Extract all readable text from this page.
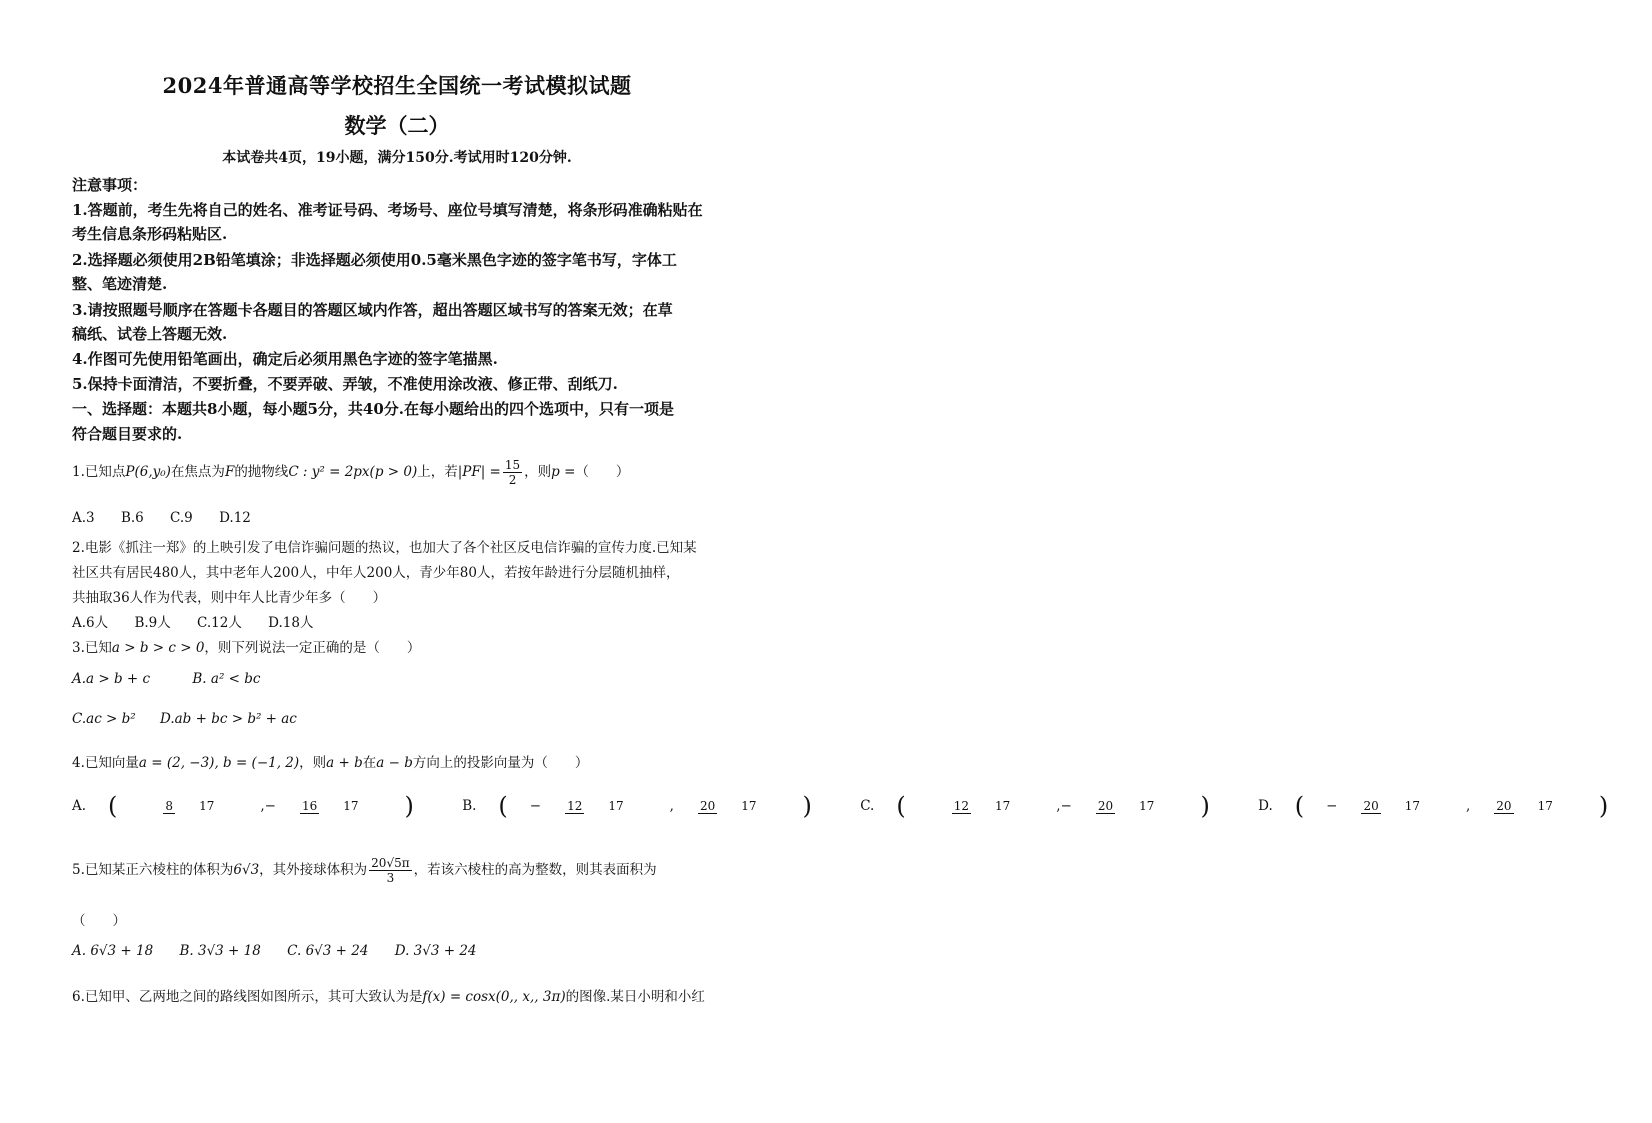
2024年普通高等学校招生全国统一考试模拟试题
数学（二）
本试卷共4页，19小题，满分150分.考试用时120分钟.
注意事项：
1.答题前，考生先将自己的姓名、准考证号码、考场号、座位号填写清楚，将条形码准确粘贴在
考生信息条形码粘贴区.
2.选择题必须使用2B铅笔填涂；非选择题必须使用0.5毫米黑色字迹的签字笔书写，字体工
整、笔迹清楚.
3.请按照题号顺序在答题卡各题目的答题区域内作答，超出答题区域书写的答案无效；在草
稿纸、试卷上答题无效.
4.作图可先使用铅笔画出，确定后必须用黑色字迹的签字笔描黑.
5.保持卡面清洁，不要折叠，不要弄破、弄皱，不准使用涂改液、修正带、刮纸刀.
一、选择题：本题共8小题，每小题5分，共40分.在每小题给出的四个选项中，只有一项是
符合题目要求的.
1.已知点P(6,y₀)在焦点为F的抛物线C : y² = 2px(p > 0)上，若$|PF| = \frac{15}{2}$ ，则p =（　　）
A.3 B.6 C.9 D.12
2.电影《抓注一郑》的上映引发了电信诈骗问题的热议，也加大了各个社区反电信诈骗的宣传力度.已知某
社区共有居民480人，其中老年人200人，中年人200人，青少年80人，若按年龄进行分层随机抽样，
共抽取36人作为代表，则中年人比青少年多（　　）
A.6人 B.9人 C.12人 D.18人
3.已知a > b > c > 0，则下列说法一定正确的是（　　）
A.a > b + c	B. a² < bc
C.ac > b² D.ab + bc > b² + ac
4.已知向量a = (2, −3), b = (−1, 2)，则a + b在a − b方向上的投影向量为（　　）
A. (	8 17	,− 16 17 )
	B. ( − 12 17	, 20 17 )
	C. (	12 17	,− 20 17 )
	D. ( − 20 17	, 20 17 )
5.已知某正六棱柱的体积为6√3，其外接球体积为 $\frac{20√5\pi}{3}$ ，若该六棱柱的高为整数，则其表面积为
（　　）
A. 6√3 + 18 B. 3√3 + 18 C. 6√3 + 24 D. 3√3 + 24
6.已知甲、乙两地之间的路线图如图所示，其可大致认为是f(x) = cosx(0,, x,, 3π)的图像.某日小明和小红
